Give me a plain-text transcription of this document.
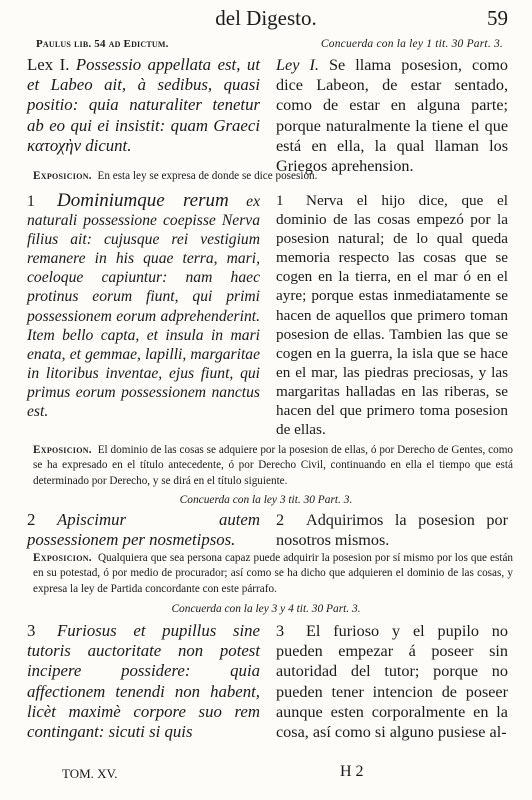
del Digesto.	59
Paulus lib. 54 ad Edictum.	Concuerda con la ley 1 tit. 30 Part. 3.

Lex I. Possessio appellata est, ut et Labeo ait, à sedibus, quasi positio: quia naturaliter tenetur ab eo qui ei insistit: quam Graeci κατοχὴν dicunt.

Ley I. Se llama posesion, como dice Labeon, de estar sentado, como de estar en alguna parte; porque naturalmente la tiene el que está en ella, la qual llaman los Griegos aprehension.

Exposicion. En esta ley se expresa de donde se dice posesion.

1 Dominiumque rerum ex naturali possessione coepisse Nerva filius ait: cujusque rei vestigium remanere in his quae terra, mari, coeloque capiuntur: nam haec protinus eorum fiunt, qui primi possessionem eorum adprehenderint. Item bello capta, et insula in mari enata, et gemmae, lapilli, margaritae in litoribus inventae, ejus fiunt, qui primus eorum possessionem nanctus est.

1 Nerva el hijo dice, que el dominio de las cosas empezó por la posesion natural; de lo qual queda memoria respecto las cosas que se cogen en la tierra, en el mar ó en el ayre; porque estas inmediatamente se hacen de aquellos que primero toman posesion de ellas. Tambien las que se cogen en la guerra, la isla que se hace en el mar, las piedras preciosas, y las margaritas halladas en las riberas, se hacen del que primero toma posesion de ellas.

Exposicion. El dominio de las cosas se adquiere por la posesion de ellas, ó por Derecho de Gentes, como se ha expresado en el título antecedente, ó por Derecho Civil, continuando en ella el tiempo que está determinado por Derecho, y se dirá en el título siguiente.
Concuerda con la ley 3 tit. 30 Part. 3.

2 Apiscimur autem possessionem per nosmetipsos.

2 Adquirimos la posesion por nosotros mismos.

Exposicion. Qualquiera que sea persona capaz puede adquirir la posesion por sí mismo por los que están en su potestad, ó por medio de procurador; así como se ha dicho que adquieren el dominio de las cosas, y expresa la ley de Partida concordante con este párrafo.
Concuerda con la ley 3 y 4 tit. 30 Part. 3.

3 Furiosus et pupillus sine tutoris auctoritate non potest incipere possidere: quia affectionem tenendi non habent, licèt maximè corpore suo rem contingant: sicuti si quis

3 El furioso y el pupilo no pueden empezar á poseer sin autoridad del tutor; porque no pueden tener intencion de poseer aunque esten corporalmente en la cosa, así como si alguno pusiese al-

TOM. XV.	H 2
